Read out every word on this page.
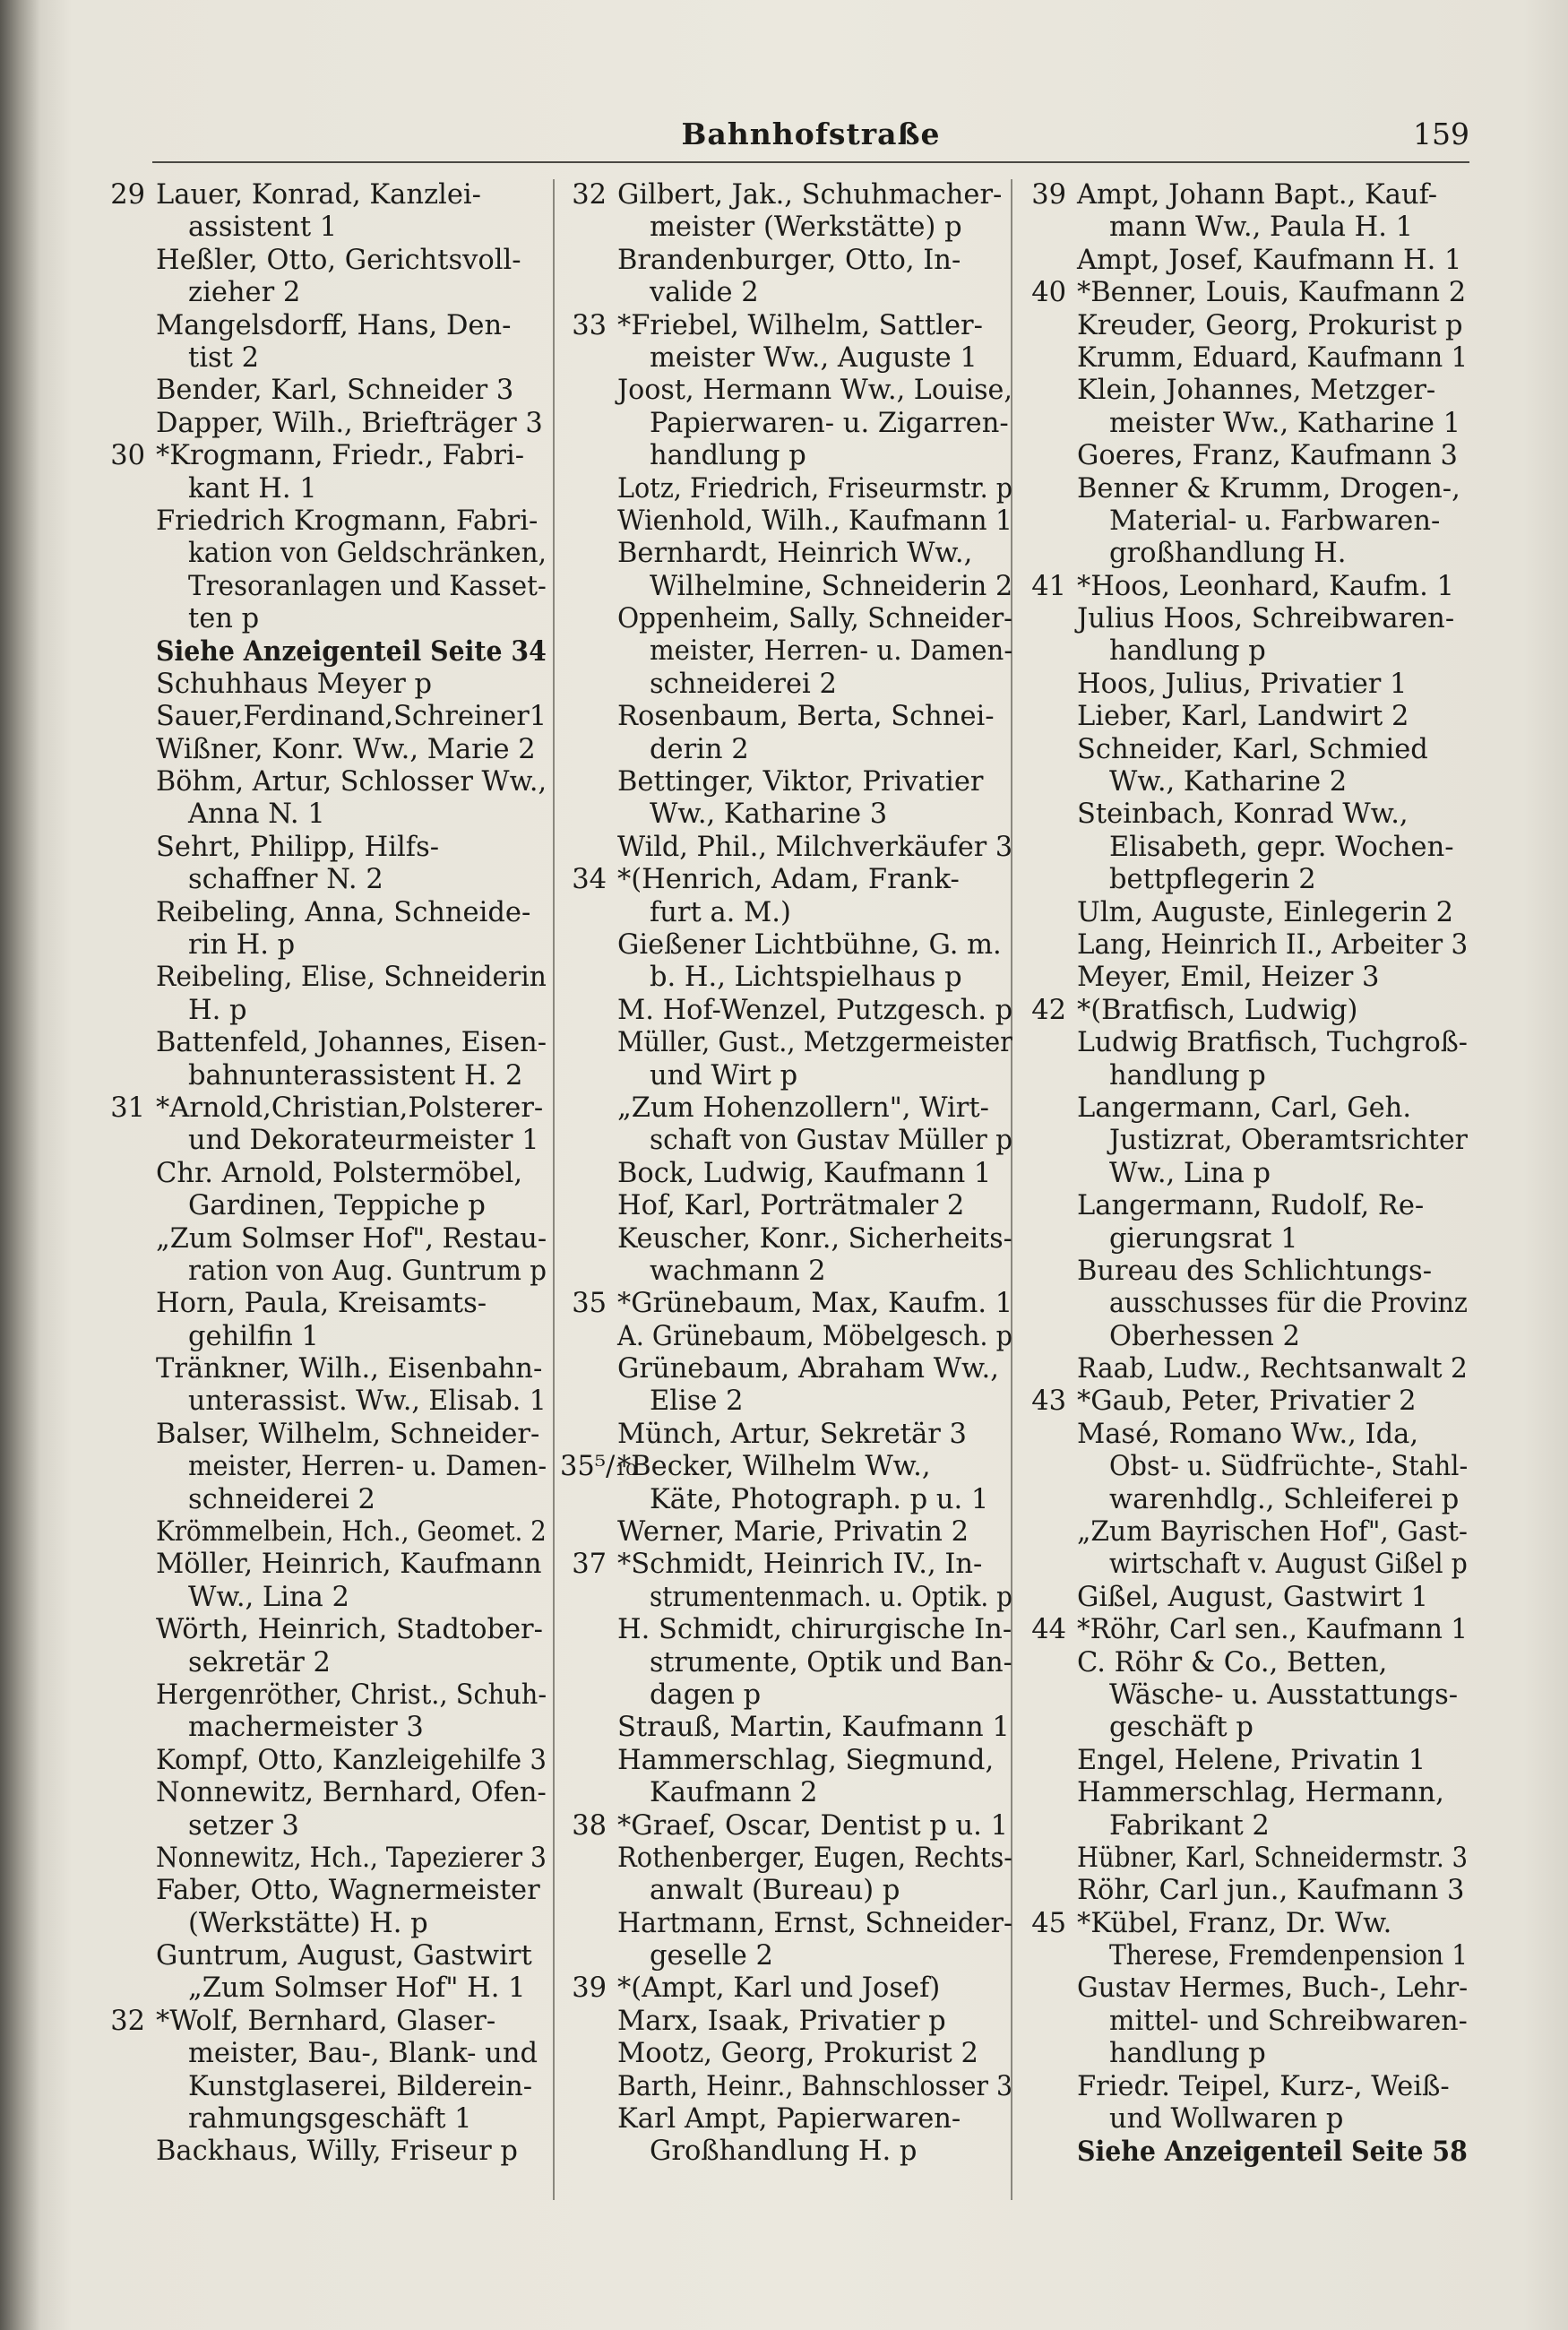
Bahnhofstraße	159
29 Lauer, Konrad, Kanzlei-
assistent 1
Heßler, Otto, Gerichtsvoll-
zieher 2
Mangelsdorff, Hans, Den-
tist 2
Bender, Karl, Schneider 3
Dapper, Wilh., Briefträger 3
30 *Krogmann, Friedr., Fabri-
kant H. 1
Friedrich Krogmann, Fabri-
kation von Geldschränken,
Tresoranlagen und Kasset-
ten p
Siehe Anzeigenteil Seite 34
Schuhhaus Meyer p
Sauer,Ferdinand,Schreiner1
Wißner, Konr. Ww., Marie 2
Böhm, Artur, Schlosser Ww.,
Anna N. 1
Sehrt, Philipp, Hilfs-
schaffner N. 2
Reibeling, Anna, Schneide-
rin H. p
Reibeling, Elise, Schneiderin
H. p
Battenfeld, Johannes, Eisen-
bahnunterassistent H. 2
31 *Arnold,Christian,Polsterer-
und Dekorateurmeister 1
Chr. Arnold, Polstermöbel,
Gardinen, Teppiche p
„Zum Solmser Hof", Restau-
ration von Aug. Guntrum p
Horn, Paula, Kreisamts-
gehilfin 1
Tränkner, Wilh., Eisenbahn-
unterassist. Ww., Elisab. 1
Balser, Wilhelm, Schneider-
meister, Herren- u. Damen-
schneiderei 2
Krömmelbein, Hch., Geomet. 2
Möller, Heinrich, Kaufmann
Ww., Lina 2
Wörth, Heinrich, Stadtober-
sekretär 2
Hergenröther, Christ., Schuh-
machermeister 3
Kompf, Otto, Kanzleigehilfe 3
Nonnewitz, Bernhard, Ofen-
setzer 3
Nonnewitz, Hch., Tapezierer 3
Faber, Otto, Wagnermeister
(Werkstätte) H. p
Guntrum, August, Gastwirt
„Zum Solmser Hof" H. 1
32 *Wolf, Bernhard, Glaser-
meister, Bau-, Blank- und
Kunstglaserei, Bilderein-
rahmungsgeschäft 1
Backhaus, Willy, Friseur p
32 Gilbert, Jak., Schuhmacher-
meister (Werkstätte) p
Brandenburger, Otto, In-
valide 2
33 *Friebel, Wilhelm, Sattler-
meister Ww., Auguste 1
Joost, Hermann Ww., Louise,
Papierwaren- u. Zigarren-
handlung p
Lotz, Friedrich, Friseurmstr. p
Wienhold, Wilh., Kaufmann 1
Bernhardt, Heinrich Ww.,
Wilhelmine, Schneiderin 2
Oppenheim, Sally, Schneider-
meister, Herren- u. Damen-
schneiderei 2
Rosenbaum, Berta, Schnei-
derin 2
Bettinger, Viktor, Privatier
Ww., Katharine 3
Wild, Phil., Milchverkäufer 3
34 *(Henrich, Adam, Frank-
furt a. M.)
Gießener Lichtbühne, G. m.
b. H., Lichtspielhaus p
M. Hof-Wenzel, Putzgesch. p
Müller, Gust., Metzgermeister
und Wirt p
„Zum Hohenzollern", Wirt-
schaft von Gustav Müller p
Bock, Ludwig, Kaufmann 1
Hof, Karl, Porträtmaler 2
Keuscher, Konr., Sicherheits-
wachmann 2
35 *Grünebaum, Max, Kaufm. 1
A. Grünebaum, Möbelgesch. p
Grünebaum, Abraham Ww.,
Elise 2
Münch, Artur, Sekretär 3
35⁵/₁₀
*Becker, Wilhelm Ww.,
Käte, Photograph. p u. 1
Werner, Marie, Privatin 2
37 *Schmidt, Heinrich IV., In-
strumentenmach. u. Optik. p
H. Schmidt, chirurgische In-
strumente, Optik und Ban-
dagen p
Strauß, Martin, Kaufmann 1
Hammerschlag, Siegmund,
Kaufmann 2
38 *Graef, Oscar, Dentist p u. 1
Rothenberger, Eugen, Rechts-
anwalt (Bureau) p
Hartmann, Ernst, Schneider-
geselle 2
39 *(Ampt, Karl und Josef)
Marx, Isaak, Privatier p
Mootz, Georg, Prokurist 2
Barth, Heinr., Bahnschlosser 3
Karl Ampt, Papierwaren-
Großhandlung H. p
39 Ampt, Johann Bapt., Kauf-
mann Ww., Paula H. 1
Ampt, Josef, Kaufmann H. 1
40 *Benner, Louis, Kaufmann 2
Kreuder, Georg, Prokurist p
Krumm, Eduard, Kaufmann 1
Klein, Johannes, Metzger-
meister Ww., Katharine 1
Goeres, Franz, Kaufmann 3
Benner & Krumm, Drogen-,
Material- u. Farbwaren-
großhandlung H.
41 *Hoos, Leonhard, Kaufm. 1
Julius Hoos, Schreibwaren-
handlung p
Hoos, Julius, Privatier 1
Lieber, Karl, Landwirt 2
Schneider, Karl, Schmied
Ww., Katharine 2
Steinbach, Konrad Ww.,
Elisabeth, gepr. Wochen-
bettpflegerin 2
Ulm, Auguste, Einlegerin 2
Lang, Heinrich II., Arbeiter 3
Meyer, Emil, Heizer 3
42 *(Bratfisch, Ludwig)
Ludwig Bratfisch, Tuchgroß-
handlung p
Langermann, Carl, Geh.
Justizrat, Oberamtsrichter
Ww., Lina p
Langermann, Rudolf, Re-
gierungsrat 1
Bureau des Schlichtungs-
ausschusses für die Provinz
Oberhessen 2
Raab, Ludw., Rechtsanwalt 2
43 *Gaub, Peter, Privatier 2
Masé, Romano Ww., Ida,
Obst- u. Südfrüchte-, Stahl-
warenhdlg., Schleiferei p
„Zum Bayrischen Hof", Gast-
wirtschaft v. August Gißel p
Gißel, August, Gastwirt 1
44 *Röhr, Carl sen., Kaufmann 1
C. Röhr & Co., Betten,
Wäsche- u. Ausstattungs-
geschäft p
Engel, Helene, Privatin 1
Hammerschlag, Hermann,
Fabrikant 2
Hübner, Karl, Schneidermstr. 3
Röhr, Carl jun., Kaufmann 3
45 *Kübel, Franz, Dr. Ww.
Therese, Fremdenpension 1
Gustav Hermes, Buch-, Lehr-
mittel- und Schreibwaren-
handlung p
Friedr. Teipel, Kurz-, Weiß-
und Wollwaren p
Siehe Anzeigenteil Seite 58
